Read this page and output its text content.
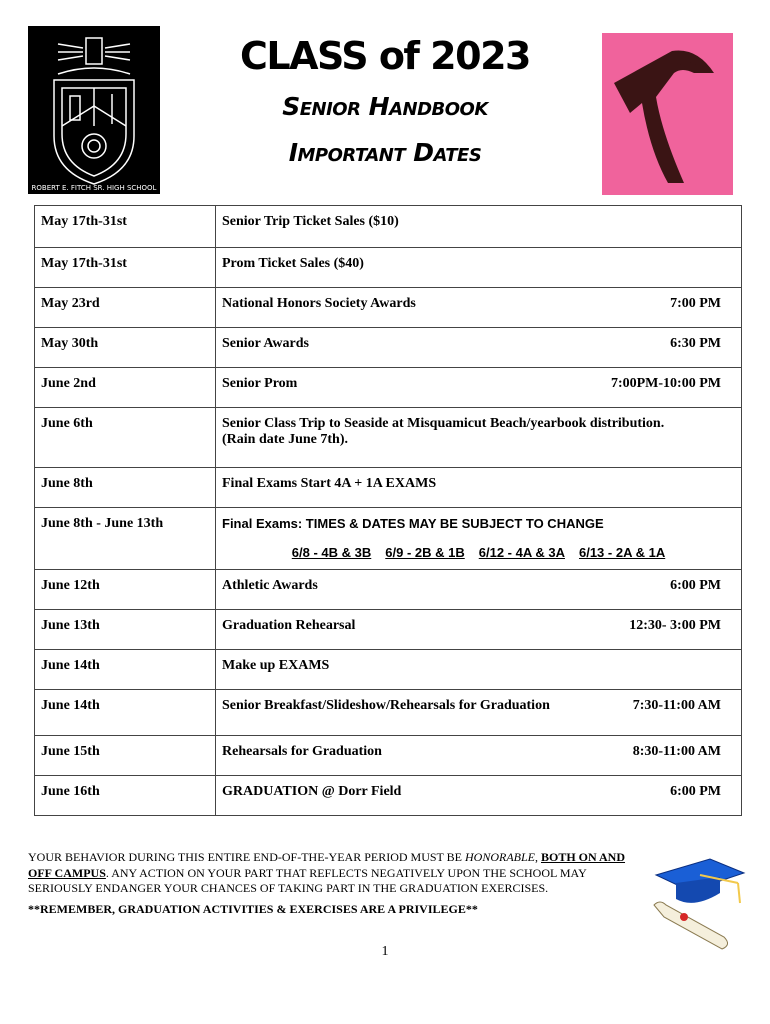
ROBERT E. FITCH SR. HIGH SCHOOL
CLASS of 2023
Senior Handbook
Important Dates
May 17th-31st	Senior Trip Ticket Sales ($10)

May 17th-31st	Prom Ticket Sales ($40)

May 23rd	National Honors Society Awards 7:00 PM

May 30th	Senior Awards 6:30 PM

June 2nd	Senior Prom 7:00PM-10:00 PM

June 6th	Senior Class Trip to Seaside at Misquamicut Beach/yearbook distribution.
(Rain date June 7th).

June 8th	Final Exams Start 4A + 1A EXAMS

June 8th - June 13th	Final Exams: TIMES & DATES MAY BE SUBJECT TO CHANGE
6/8 - 4B & 3B 6/9 - 2B & 1B 6/12 - 4A & 3A 6/13 - 2A & 1A

June 12th	Athletic Awards 6:00 PM

June 13th	Graduation Rehearsal 12:30- 3:00 PM

June 14th	Make up EXAMS

June 14th	Senior Breakfast/Slideshow/Rehearsals for Graduation 7:30-11:00 AM

June 15th	Rehearsals for Graduation 8:30-11:00 AM

June 16th	GRADUATION @ Dorr Field 6:00 PM
YOUR BEHAVIOR DURING THIS ENTIRE END-OF-THE-YEAR PERIOD MUST BE HONORABLE, BOTH ON AND OFF CAMPUS. ANY ACTION ON YOUR PART THAT REFLECTS NEGATIVELY UPON THE SCHOOL MAY SERIOUSLY ENDANGER YOUR CHANCES OF TAKING PART IN THE GRADUATION EXERCISES.
**REMEMBER, GRADUATION ACTIVITIES & EXERCISES ARE A PRIVILEGE**
1
